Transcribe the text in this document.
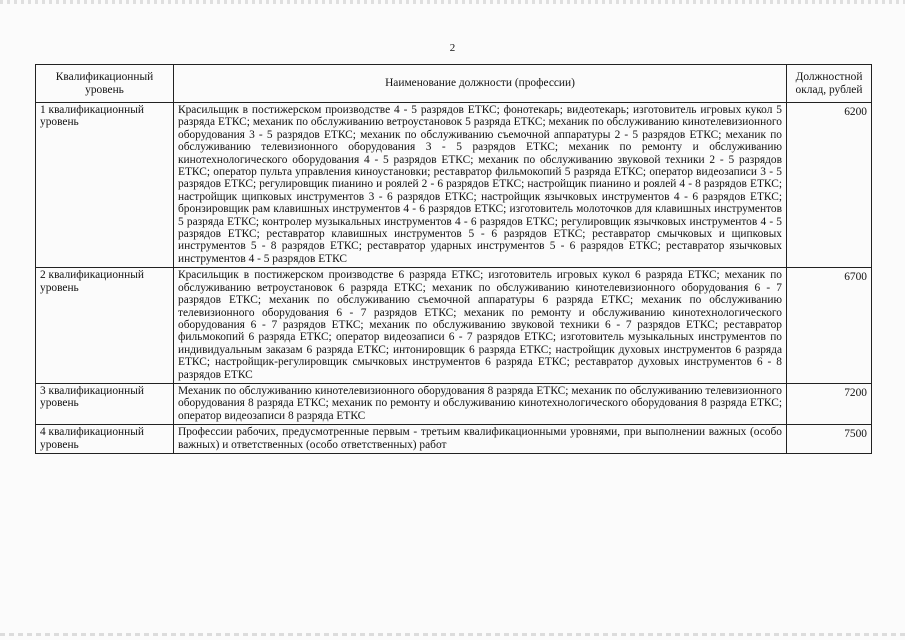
2
Квалификационный уровень	Наименование должности (профессии)	Должностной оклад, рублей
1 квалификационный уровень	Красильщик в постижерском производстве 4 - 5 разрядов ЕТКС; фонотекарь; видеотекарь; изготовитель игровых кукол 5 разряда ЕТКС; механик по обслуживанию ветроустановок 5 разряда ЕТКС; механик по обслуживанию кинотелевизионного оборудования 3 - 5 разрядов ЕТКС; механик по обслуживанию съемочной аппаратуры 2 - 5 разрядов ЕТКС; механик по обслуживанию телевизионного оборудования 3 - 5 разрядов ЕТКС; механик по ремонту и обслуживанию кинотехнологического оборудования 4 - 5 разрядов ЕТКС; механик по обслуживанию звуковой техники 2 - 5 разрядов ЕТКС; оператор пульта управления киноустановки; реставратор фильмокопий 5 разряда ЕТКС; оператор видеозаписи 3 - 5 разрядов ЕТКС; регулировщик пианино и роялей 2 - 6 разрядов ЕТКС; настройщик пианино и роялей 4 - 8 разрядов ЕТКС; настройщик щипковых инструментов 3 - 6 разрядов ЕТКС; настройщик язычковых инструментов 4 - 6 разрядов ЕТКС; бронзировщик рам клавишных инструментов 4 - 6 разрядов ЕТКС; изготовитель молоточков для клавишных инструментов 5 разряда ЕТКС; контролер музыкальных инструментов 4 - 6 разрядов ЕТКС; регулировщик язычковых инструментов 4 - 5 разрядов ЕТКС; реставратор клавишных инструментов 5 - 6 разрядов ЕТКС; реставратор смычковых и щипковых инструментов 5 - 8 разрядов ЕТКС; реставратор ударных инструментов 5 - 6 разрядов ЕТКС; реставратор язычковых инструментов 4 - 5 разрядов ЕТКС	6200
2 квалификационный уровень	Красильщик в постижерском производстве 6 разряда ЕТКС; изготовитель игровых кукол 6 разряда ЕТКС; механик по обслуживанию ветроустановок 6 разряда ЕТКС; механик по обслуживанию кинотелевизионного оборудования 6 - 7 разрядов ЕТКС; механик по обслуживанию съемочной аппаратуры 6 разряда ЕТКС; механик по обслуживанию телевизионного оборудования 6 - 7 разрядов ЕТКС; механик по ремонту и обслуживанию кинотехнологического оборудования 6 - 7 разрядов ЕТКС; механик по обслуживанию звуковой техники 6 - 7 разрядов ЕТКС; реставратор фильмокопий 6 разряда ЕТКС; оператор видеозаписи 6 - 7 разрядов ЕТКС; изготовитель музыкальных инструментов по индивидуальным заказам 6 разряда ЕТКС; интонировщик 6 разряда ЕТКС; настройщик духовых инструментов 6 разряда ЕТКС; настройщик-регулировщик смычковых инструментов 6 разряда ЕТКС; реставратор духовых инструментов 6 - 8 разрядов ЕТКС	6700
3 квалификационный уровень	Механик по обслуживанию кинотелевизионного оборудования 8 разряда ЕТКС; механик по обслуживанию телевизионного оборудования 8 разряда ЕТКС; механик по ремонту и обслуживанию кинотехнологического оборудования 8 разряда ЕТКС; оператор видеозаписи 8 разряда ЕТКС	7200
4 квалификационный уровень	Профессии рабочих, предусмотренные первым - третьим квалификационными уровнями, при выполнении важных (особо важных) и ответственных (особо ответственных) работ	7500
